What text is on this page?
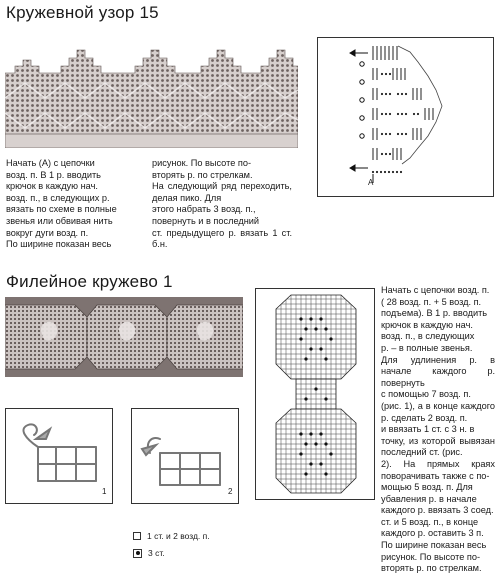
Кружевной узор 15
A
Начать (А) с цепочки
возд. п. В 1 р. вводить
крючок в каждую нач.
возд. п., в следующих р.
вязать по схеме в полные
звенья или обвивая нить
вокруг дуги возд. п.
По ширине показан весь
рисунок. По высоте по-
вторять р. по стрелкам.
На следующий ряд переходить, делая пико. Для
этого набрать 3 возд. п.,
повернуть и в последний
ст. предыдущего р. вязать 1 ст. б.н.
Филейное кружево 1
1	2
1 ст. и 2 возд. п.
3 ст.
Начать с цепочки возд. п.
( 28 возд. п. + 5 возд. п.
подъема). В 1 р. вводить
крючок в каждую нач.
возд. п., в следующих
р. – в полные звенья.
Для удлинения р. в начале каждого р. повернуть
с помощью 7 возд. п.
(рис. 1), а в конце каждого р. сделать 2 возд. п.
и ввязать 1 ст. с 3 н. в
точку, из которой вывязан последний ст. (рис.
2). На прямых краях поворачивать также с по-
мощью 5 возд. п. Для
убавления р. в начале
каждого р. ввязать 3 соед.
ст. и 5 возд. п., в конце
каждого р. оставить 3 п.
По ширине показан весь
рисунок. По высоте по-
вторять р. по стрелкам.
